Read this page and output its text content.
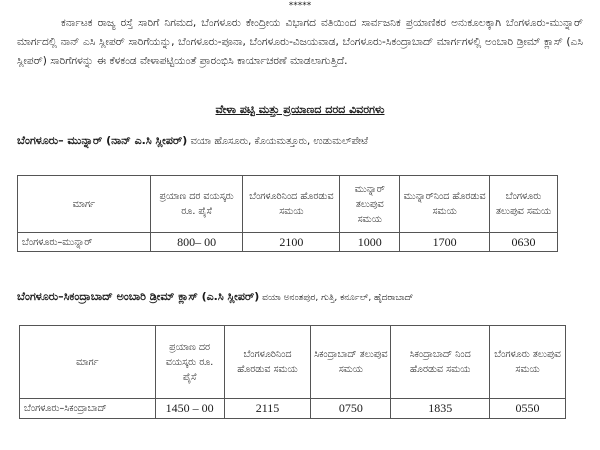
*****
ಕರ್ನಾಟಕ ರಾಜ್ಯ ರಸ್ತೆ ಸಾರಿಗೆ ನಿಗಮದ, ಬೆಂಗಳೂರು ಕೇಂದ್ರೀಯ ವಿಭಾಗದ ವತಿಯಿಂದ ಸಾರ್ವಜನಿಕ ಪ್ರಯಾಣಿಕರ ಅನುಕೂಲಕ್ಕಾಗಿ ಬೆಂಗಳೂರು-ಮುನ್ನಾರ್ ಮಾರ್ಗದಲ್ಲಿ ನಾನ್ ಎಸಿ ಸ್ಲೀಪರ್ ಸಾರಿಗೆಯನ್ನು, ಬೆಂಗಳೂರು-ಪೂನಾ, ಬೆಂಗಳೂರು-ವಿಜಯವಾಡ, ಬೆಂಗಳೂರು-ಸಿಕಂದ್ರಾಬಾದ್ ಮಾರ್ಗಗಳಲ್ಲಿ ಅಂಬಾರಿ ಡ್ರೀಮ್ ಕ್ಲಾಸ್ (ಎಸಿ ಸ್ಲೀಪರ್) ಸಾರಿಗೆಗಳನ್ನು ಈ ಕೆಳಕಂಡ ವೇಳಾಪಟ್ಟಿಯಂತೆ ಪ್ರಾರಂಭಿಸಿ ಕಾರ್ಯಾಚರಣೆ ಮಾಡಲಾಗುತ್ತಿದೆ.
ವೇಳಾ ಪಟ್ಟಿ ಮತ್ತು ಪ್ರಯಾಣದ ದರದ ವಿವರಗಳು
ಬೆಂಗಳೂರು– ಮುನ್ನಾರ್ (ನಾನ್ ಎ.ಸಿ ಸ್ಲೀಪರ್) ವಯಾ ಹೊಸೂರು, ಕೊಯಮತ್ತೂರು, ಉಡುಮಲ್‌ಪೇಟೆ
ಮಾರ್ಗ	ಪ್ರಯಾಣ ದರ ವಯಸ್ಕರು ರೂ. ಪೈಸೆ	ಬೆಂಗಳೂರಿನಿಂದ ಹೊರಡುವ ಸಮಯ	ಮುನ್ನಾರ್ ತಲುಪುವ ಸಮಯ	ಮುನ್ನಾರ್‌ನಿಂದ ಹೊರಡುವ ಸಮಯ	ಬೆಂಗಳೂರು ತಲುಪುವ ಸಮಯ
ಬೆಂಗಳೂರು–ಮುನ್ನಾರ್	800– 00	2100	1000	1700	0630
ಬೆಂಗಳೂರು–ಸಿಕಂದ್ರಾಬಾದ್ ಅಂಬಾರಿ ಡ್ರೀಮ್ ಕ್ಲಾಸ್ (ಎ.ಸಿ ಸ್ಲೀಪರ್) ವಯಾ ಅನಂತಪುರ, ಗುತ್ತಿ, ಕರ್ನೂಲ್, ಹೈದರಾಬಾದ್
ಮಾರ್ಗ	ಪ್ರಯಾಣ ದರ ವಯಸ್ಕರು ರೂ. ಪೈಸೆ	ಬೆಂಗಳೂರಿನಿಂದ ಹೊರಡುವ ಸಮಯ	ಸಿಕಂದ್ರಾಬಾದ್ ತಲುಪುವ ಸಮಯ	ಸಿಕಂದ್ರಾಬಾದ್ ನಿಂದ ಹೊರಡುವ ಸಮಯ	ಬೆಂಗಳೂರು ತಲುಪುವ ಸಮಯ
ಬೆಂಗಳೂರು–ಸಿಕಂದ್ರಾಬಾದ್	1450 – 00	2115	0750	1835	0550
